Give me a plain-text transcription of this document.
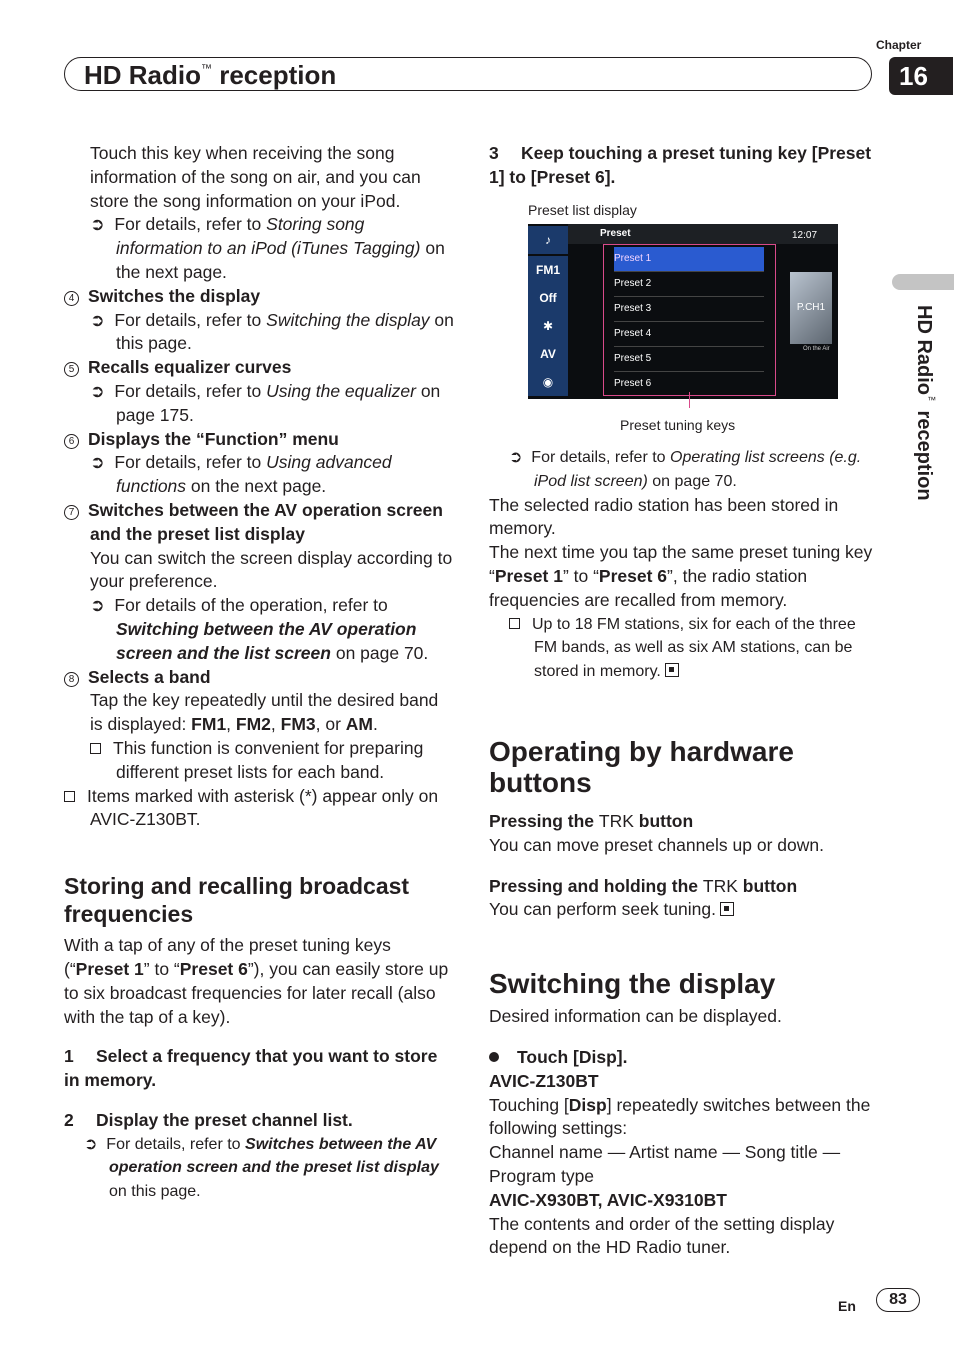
Chapter
16
HD Radio™ reception
HD Radio™ reception

Touch this key when receiving the song information of the song on air, and you can store the song information on your iPod.

➲ For details, refer to Storing song information to an iPod (iTunes Tagging) on the next page.

4 Switches the display

➲ For details, refer to Switching the display on this page.

5 Recalls equalizer curves

➲ For details, refer to Using the equalizer on page 175.

6 Displays the “Function” menu

➲ For details, refer to Using advanced functions on the next page.

7 Switches between the AV operation screen and the preset list display

You can switch the screen display according to your preference.

➲ For details of the operation, refer to Switching between the AV operation screen and the list screen on page 70.

8 Selects a band

Tap the key repeatedly until the desired band is displayed: FM1, FM2, FM3, or AM.

This function is convenient for preparing different preset lists for each band.

Items marked with asterisk (*) appear only on AVIC-Z130BT.

Storing and recalling broadcast frequencies

With a tap of any of the preset tuning keys (“Preset 1” to “Preset 6”), you can easily store up to six broadcast frequencies for later recall (also with the tap of a key).

1 Select a frequency that you want to store in memory.

2 Display the preset channel list.

➲ For details, refer to Switches between the AV operation screen and the preset list display on this page.

3 Keep touching a preset tuning key [Preset 1] to [Preset 6].

Preset list display
Preset	12:07
♪
FM1
Off
✱
AV
◉
Preset 1
Preset 2
Preset 3
Preset 4
Preset 5
Preset 6
P.CH1
On the Air
Preset tuning keys

➲ For details, refer to Operating list screens (e.g. iPod list screen) on page 70.

The selected radio station has been stored in memory.

The next time you tap the same preset tuning key “Preset 1” to “Preset 6”, the radio station frequencies are recalled from memory.

Up to 18 FM stations, six for each of the three FM bands, as well as six AM stations, can be stored in memory.

Operating by hardware buttons

Pressing the TRK button

You can move preset channels up or down.

Pressing and holding the TRK button

You can perform seek tuning.

Switching the display

Desired information can be displayed.

Touch [Disp].

AVIC-Z130BT

Touching [Disp] repeatedly switches between the following settings:

Channel name — Artist name — Song title — Program type

AVIC-X930BT, AVIC-X9310BT

The contents and order of the setting display depend on the HD Radio tuner.

En	83
